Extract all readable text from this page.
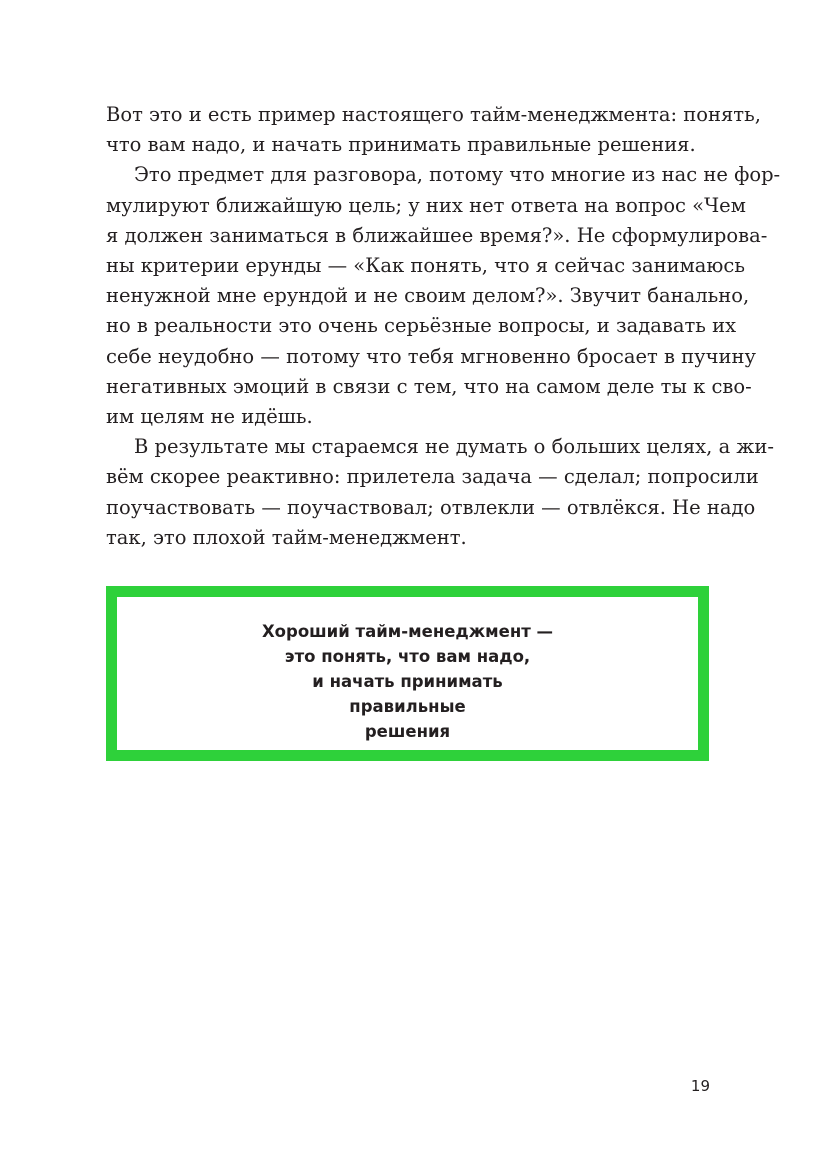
Вот это и есть пример настоящего тайм-менеджмента: понять,
что вам надо, и начать принимать правильные решения.
Это предмет для разговора, потому что многие из нас не фор-
мулируют ближайшую цель; у них нет ответа на вопрос «Чем
я должен заниматься в ближайшее время?». Не сформулирова-
ны критерии ерунды — «Как понять, что я сейчас занимаюсь
ненужной мне ерундой и не своим делом?». Звучит банально,
но в реальности это очень серьёзные вопросы, и задавать их
себе неудобно — потому что тебя мгновенно бросает в пучину
негативных эмоций в связи с тем, что на самом деле ты к сво-
им целям не идёшь.
В результате мы стараемся не думать о больших целях, а жи-
вём скорее реактивно: прилетела задача — сделал; попросили
поучаствовать — поучаствовал; отвлекли — отвлёкся. Не надо
так, это плохой тайм-менеджмент.
Хороший тайм-менеджмент —
это понять, что вам надо,
и начать принимать
правильные
решения
19
